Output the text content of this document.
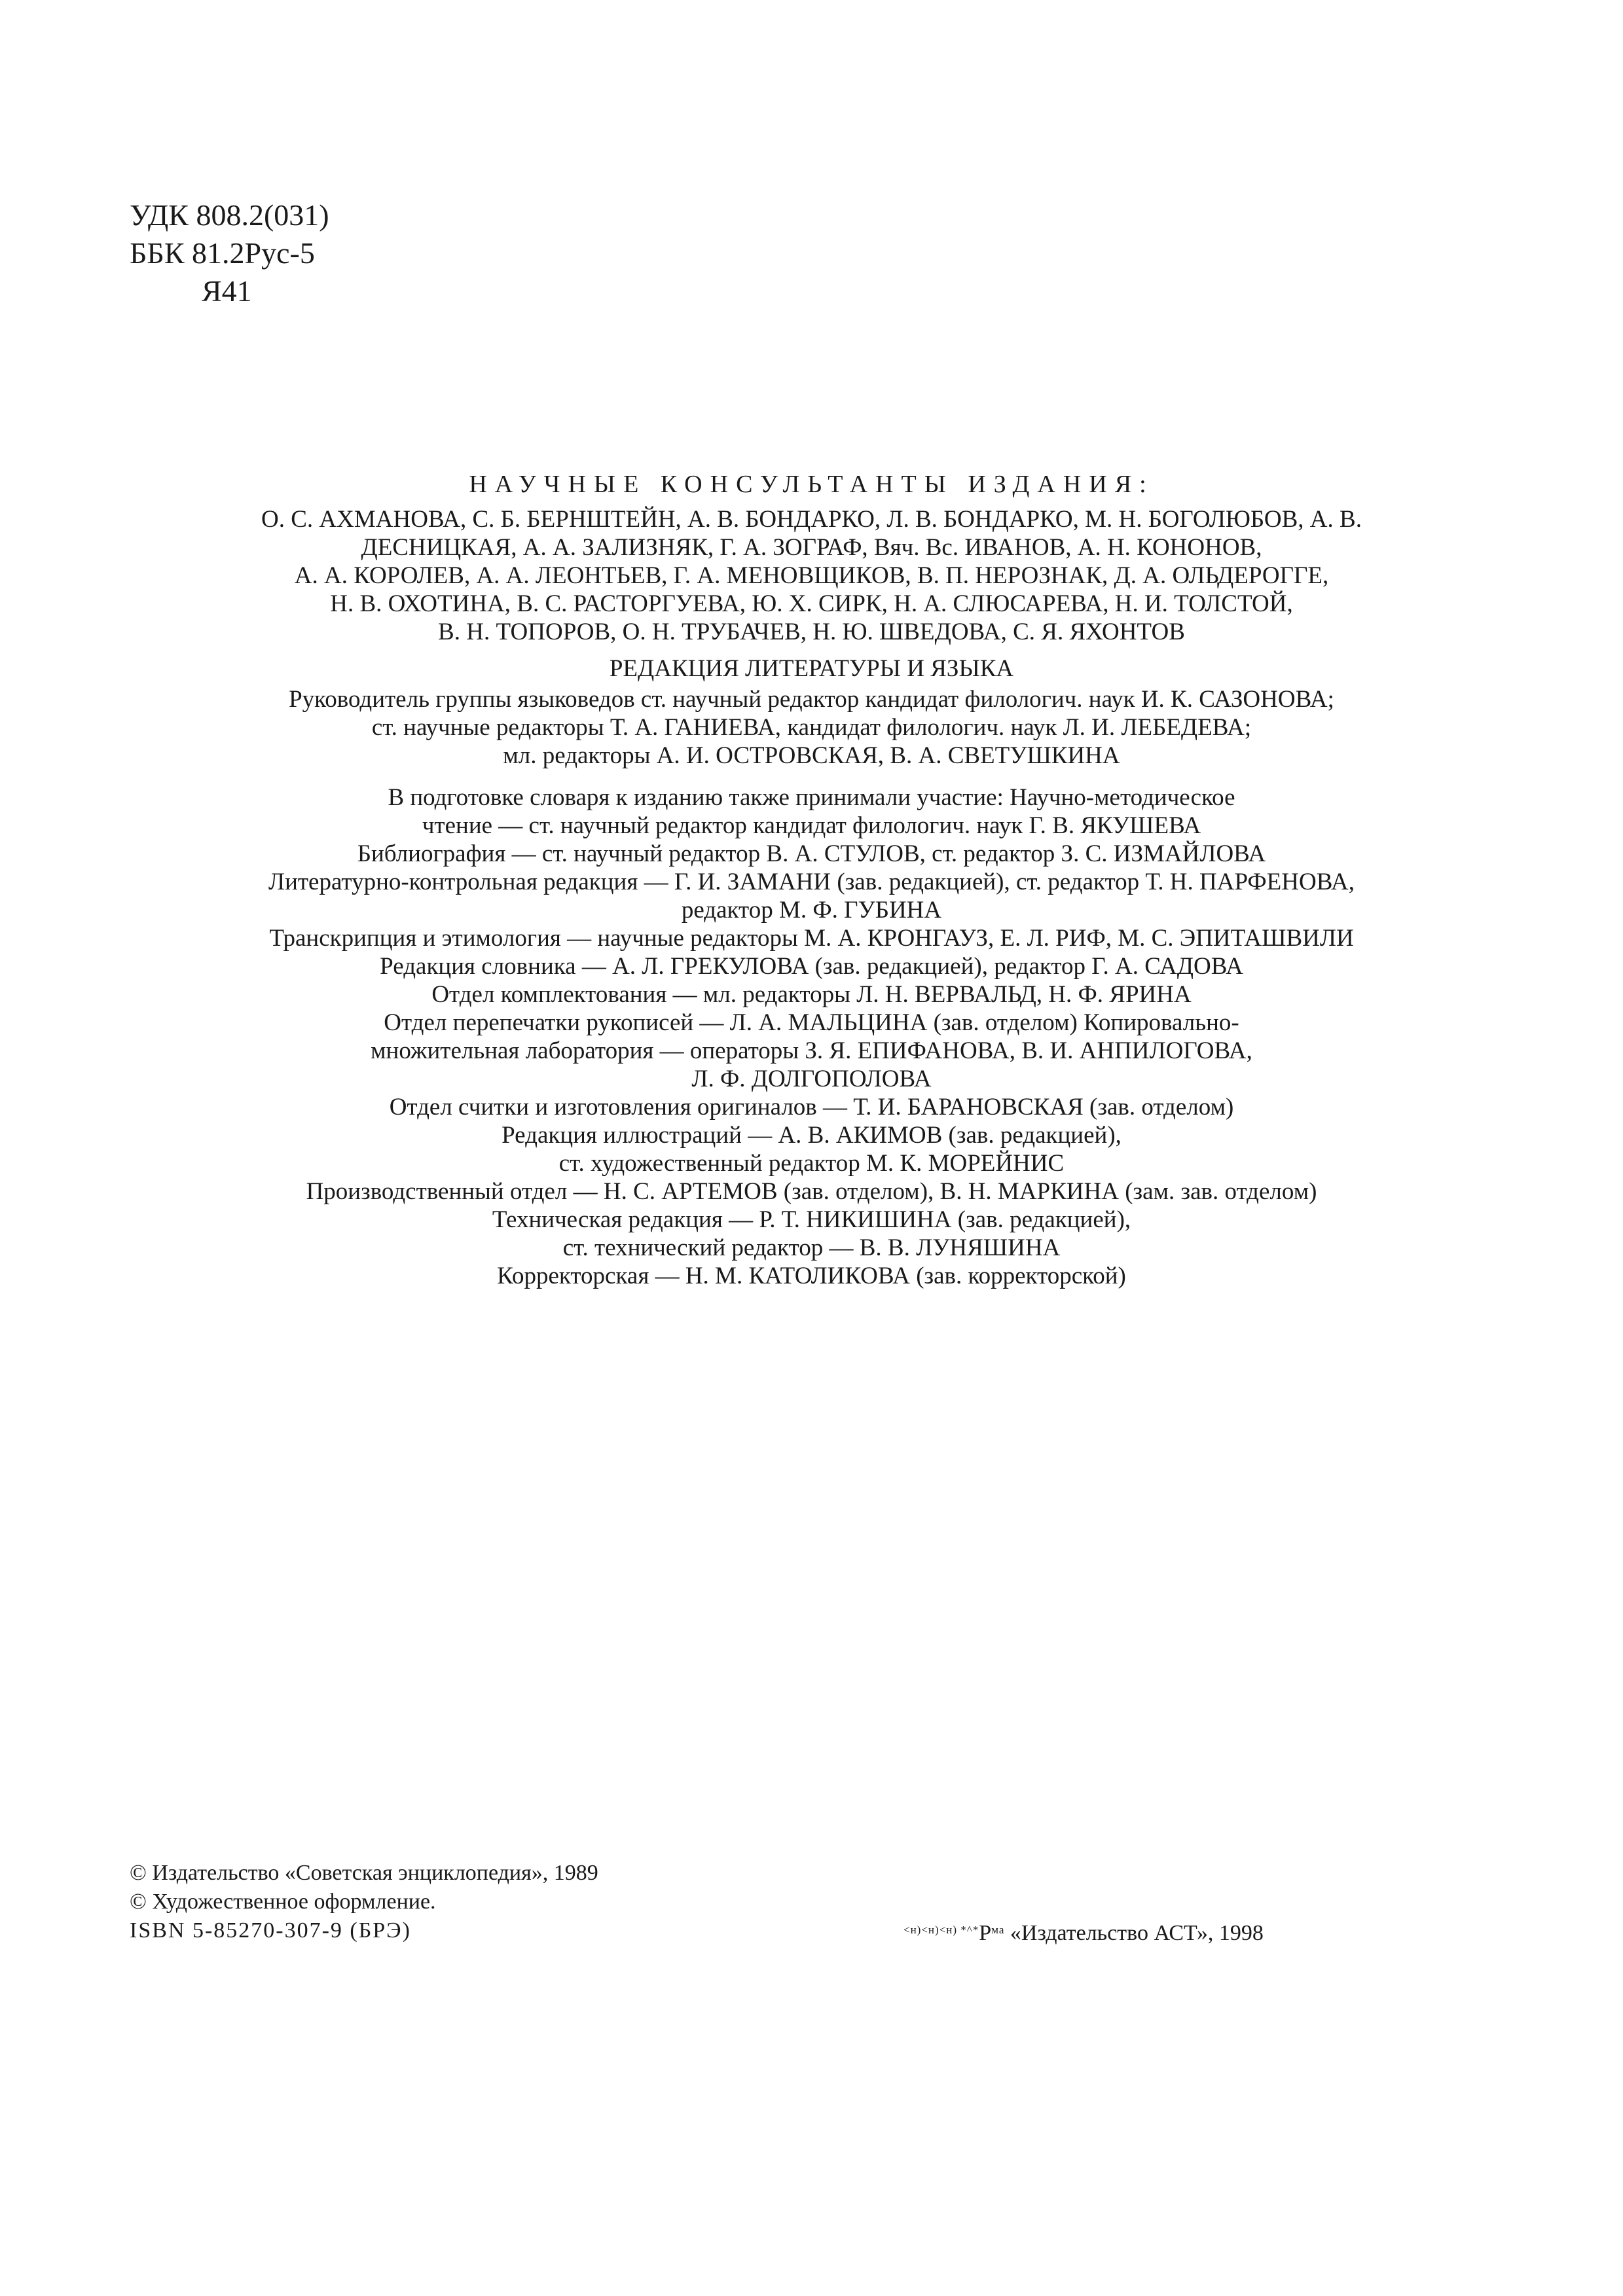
УДК 808.2(031)
ББК 81.2Рус-5
Я41
НАУЧНЫЕ КОНСУЛЬТАНТЫ ИЗДАНИЯ:
О. С. АХМАНОВА, С. Б. БЕРНШТЕЙН, А. В. БОНДАРКО, Л. В. БОНДАРКО, М. Н. БОГОЛЮБОВ, А. В.
ДЕСНИЦКАЯ, А. А. ЗАЛИЗНЯК, Г. А. ЗОГРАФ, Вяч. Вс. ИВАНОВ, А. Н. КОНОНОВ,
А. А. КОРОЛЕВ, А. А. ЛЕОНТЬЕВ, Г. А. МЕНОВЩИКОВ, В. П. НЕРОЗНАК, Д. А. ОЛЬДЕРОГГЕ,
Н. В. ОХОТИНА, В. С. РАСТОРГУЕВА, Ю. Х. СИРК, Н. А. СЛЮСАРЕВА, Н. И. ТОЛСТОЙ,
В. Н. ТОПОРОВ, О. Н. ТРУБАЧЕВ, Н. Ю. ШВЕДОВА, С. Я. ЯХОНТОВ
РЕДАКЦИЯ ЛИТЕРАТУРЫ И ЯЗЫКА
Руководитель группы языковедов ст. научный редактор кандидат филологич. наук И. К. САЗОНОВА;
ст. научные редакторы Т. А. ГАНИЕВА, кандидат филологич. наук Л. И. ЛЕБЕДЕВА;
мл. редакторы А. И. ОСТРОВСКАЯ, В. А. СВЕТУШКИНА
В подготовке словаря к изданию также принимали участие: Научно-методическое
чтение — ст. научный редактор кандидат филологич. наук Г. В. ЯКУШЕВА
Библиография — ст. научный редактор В. А. СТУЛОВ, ст. редактор З. С. ИЗМАЙЛОВА
Литературно-контрольная редакция — Г. И. ЗАМАНИ (зав. редакцией), ст. редактор Т. Н. ПАРФЕНОВА,
редактор М. Ф. ГУБИНА
Транскрипция и этимология — научные редакторы М. А. КРОНГАУЗ, Е. Л. РИФ, М. С. ЭПИТАШВИЛИ
Редакция словника — А. Л. ГРЕКУЛОВА (зав. редакцией), редактор Г. А. САДОВА
Отдел комплектования — мл. редакторы Л. Н. ВЕРВАЛЬД, Н. Ф. ЯРИНА
Отдел перепечатки рукописей — Л. А. МАЛЬЦИНА (зав. отделом) Копировально-
множительная лаборатория — операторы З. Я. ЕПИФАНОВА, В. И. АНПИЛОГОВА,
Л. Ф. ДОЛГОПОЛОВА
Отдел считки и изготовления оригиналов — Т. И. БАРАНОВСКАЯ (зав. отделом)
Редакция иллюстраций — А. В. АКИМОВ (зав. редакцией),
ст. художественный редактор М. К. МОРЕЙНИС
Производственный отдел — Н. С. АРТЕМОВ (зав. отделом), В. Н. МАРКИНА (зам. зав. отделом)
Техническая редакция — Р. Т. НИКИШИНА (зав. редакцией),
ст. технический редактор — В. В. ЛУНЯШИНА
Корректорская — Н. М. КАТОЛИКОВА (зав. корректорской)
© Издательство «Советская энциклопедия», 1989
© Художественное оформление.
ISBN 5-85270-307-9 (БРЭ)	$^{<н)<н)<н)}$ $^{*\^{}*}Р^{ма}$ «Издательство АСТ», 1998
